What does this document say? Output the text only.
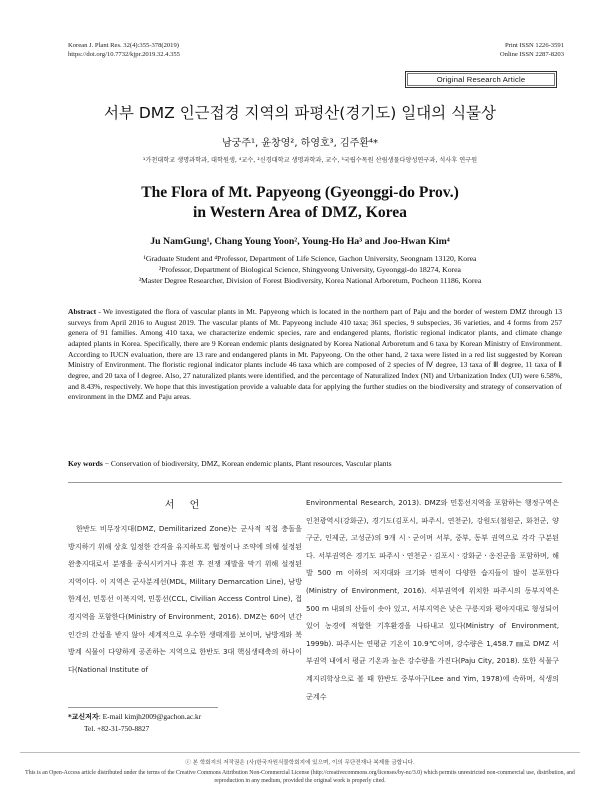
Korean J. Plant Res. 32(4):355-378(2019)
https://doi.org/10.7732/kjpr.2019.32.4.355
Print ISSN 1226-3591
Online ISSN 2287-8203
Original Research Article
서부 DMZ 인근접경 지역의 파평산(경기도) 일대의 식물상
남궁주¹, 윤창영², 하영호³, 김주환⁴*
¹가천대학교 생명과학과, 대학원생, ⁴교수, ²신경대학교 생명과학과, 교수, ³국립수목원 산림생물다양성연구과, 석사후 연구원
The Flora of Mt. Papyeong (Gyeonggi-do Prov.)
in Western Area of DMZ, Korea
Ju NamGung¹, Chang Young Yoon², Young-Ho Ha³ and Joo-Hwan Kim⁴
¹Graduate Student and ⁴Professor, Department of Life Science, Gachon University, Seongnam 13120, Korea
²Professor, Department of Biological Science, Shingyeong University, Gyeonggi-do 18274, Korea
³Master Degree Researcher, Division of Forest Biodiversity, Korea National Arboretum, Pocheon 11186, Korea
Abstract - We investigated the flora of vascular plants in Mt. Papyeong which is located in the northern part of Paju and the border of western DMZ through 13 surveys from April 2016 to August 2019. The vascular plants of Mt. Papyeong include 410 taxa; 361 species, 9 subspecies, 36 varieties, and 4 forms from 257 genera of 91 families. Among 410 taxa, we characterize endemic species, rare and endangered plants, floristic regional indicator plants, and climate change adapted plants in Korea. Specifically, there are 9 Korean endemic plants designated by Korea National Arboretum and 6 taxa by Korean Ministry of Environment. According to IUCN evaluation, there are 13 rare and endangered plants in Mt. Papyeong. On the other hand, 2 taxa were listed in a red list suggested by Korean Ministry of Environment. The floristic regional indicator plants include 46 taxa which are composed of 2 species of Ⅳ degree, 13 taxa of Ⅲ degree, 11 taxa of Ⅱ degree, and 20 taxa of Ⅰ degree. Also, 27 naturalized plants were identified, and the percentage of Naturalized Index (NI) and Urbanization Index (UI) were 6.58%, and 8.43%, respectively. We hope that this investigation provide a valuable data for applying the further studies on the biodiversity and strategy of conservation of environment in the DMZ and Paju areas.
Key words − Conservation of biodiversity, DMZ, Korean endemic plants, Plant resources, Vascular plants
서 언
한반도 비무장지대(DMZ, Demilitarized Zone)는 군사적 직접 충돌을 방지하기 위해 상호 일정한 간격을 유지하도록 협정이나 조약에 의해 설정된 완충지대로서 분쟁을 종식시키거나 휴전 후 전쟁 재발을 막기 위해 설정된 지역이다. 이 지역은 군사분계선(MDL, Military Demarcation Line), 남방한계선, 민통선 이북지역, 민통선(CCL, Civilian Access Control Line), 접경지역을 포함한다(Ministry of Environment, 2016). DMZ는 60여 년간 인간의 간섭을 받지 않아 세계적으로 우수한 생태계를 보이며, 남방계와 북방계 식물이 다양하게 공존하는 지역으로 한반도 3대 핵심생태축의 하나이다(National Institute of
Environmental Research, 2013). DMZ와 민통선지역을 포함하는 행정구역은 인천광역시(강화군), 경기도(김포시, 파주시, 연천군), 강원도(철원군, 화천군, 양구군, 인제군, 고성군)의 9개 시ㆍ군이며 서부, 중부, 동부 권역으로 각각 구분된다. 서부권역은 경기도 파주시ㆍ연천군ㆍ김포시ㆍ강화군ㆍ옹진군을 포함하며, 해발 500 m 이하의 저지대와 크기와 면적이 다양한 습지들이 많이 분포한다(Ministry of Environment, 2016). 서부권역에 위치한 파주시의 동부지역은 500 m 내외의 산들이 솟아 있고, 서부지역은 낮은 구릉지와 평야지대로 형성되어있어 농경에 적합한 기후환경을 나타내고 있다(Ministry of Environment, 1999b). 파주시는 연평균 기온이 10.9℃이며, 강수량은 1,458.7 ㎜로 DMZ 서부권역 내에서 평균 기온과 높은 강수량을 가진다(Paju City, 2018). 또한 식물구계지리학상으로 볼 때 한반도 중부아구(Lee and Yim, 1978)에 속하며, 식생의 군계수
*교신저자: E-mail kimjh2009@gachon.ac.kr
Tel. +82-31-750-8827
ⓒ 본 학회지의 저작권은 (사)한국자원식물학회지에 있으며, 이의 무단전재나 복제를 금합니다.
This is an Open-Access article distributed under the terms of the Creative Commons Attribution Non-Commercial License (http://creativecommons.org/licenses/by-nc/3.0) which permits unrestricted non-commercial use, distribution, and reproduction in any medium, provided the original work is properly cited.
